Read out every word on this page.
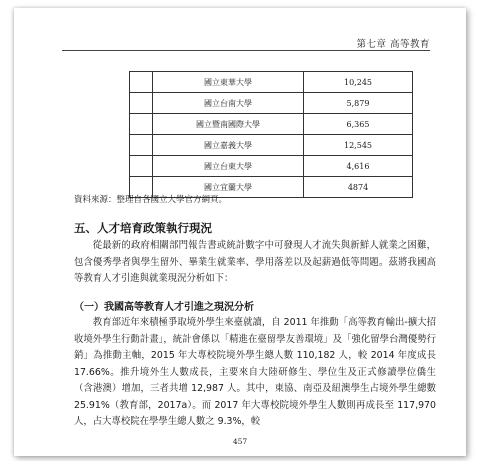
第七章 高等教育
	國立東華大學	10,245
	國立台南大學	5,879
	國立暨南國際大學	6,365
	國立嘉義大學	12,545
	國立台東大學	4,616
	國立宜蘭大學	4874
資料來源：整理自各國立大學官方網頁。
五、人才培育政策執行現況

從最新的政府相關部門報告書或統計數字中可發現人才流失與新鮮人就業之困難，包含優秀學者與學生留外、畢業生就業率、學用落差以及起薪過低等問題。茲將我國高等教育人才引進與就業現況分析如下：

（一）我國高等教育人才引進之現況分析

教育部近年來積極爭取境外學生來臺就讀，自 2011 年推動「高等教育輸出-擴大招收境外學生行動計畫」，統計會係以「精進在臺留學友善環境」及「強化留學台灣優勢行銷」為推動主軸，2015 年大專校院境外學生總人數 110,182 人，較 2014 年度成長 17.66%。推升境外生人數成長，主要來自大陸研修生、學位生及正式修讀學位僑生（含港澳）增加，三者共增 12,987 人。其中，東協、南亞及紐澳學生占境外學生總數 25.91%（教育部，2017a）。而 2017 年大專校院境外學生人數則再成長至 117,970 人，占大專校院在學學生總人數之 9.3%，較

457
